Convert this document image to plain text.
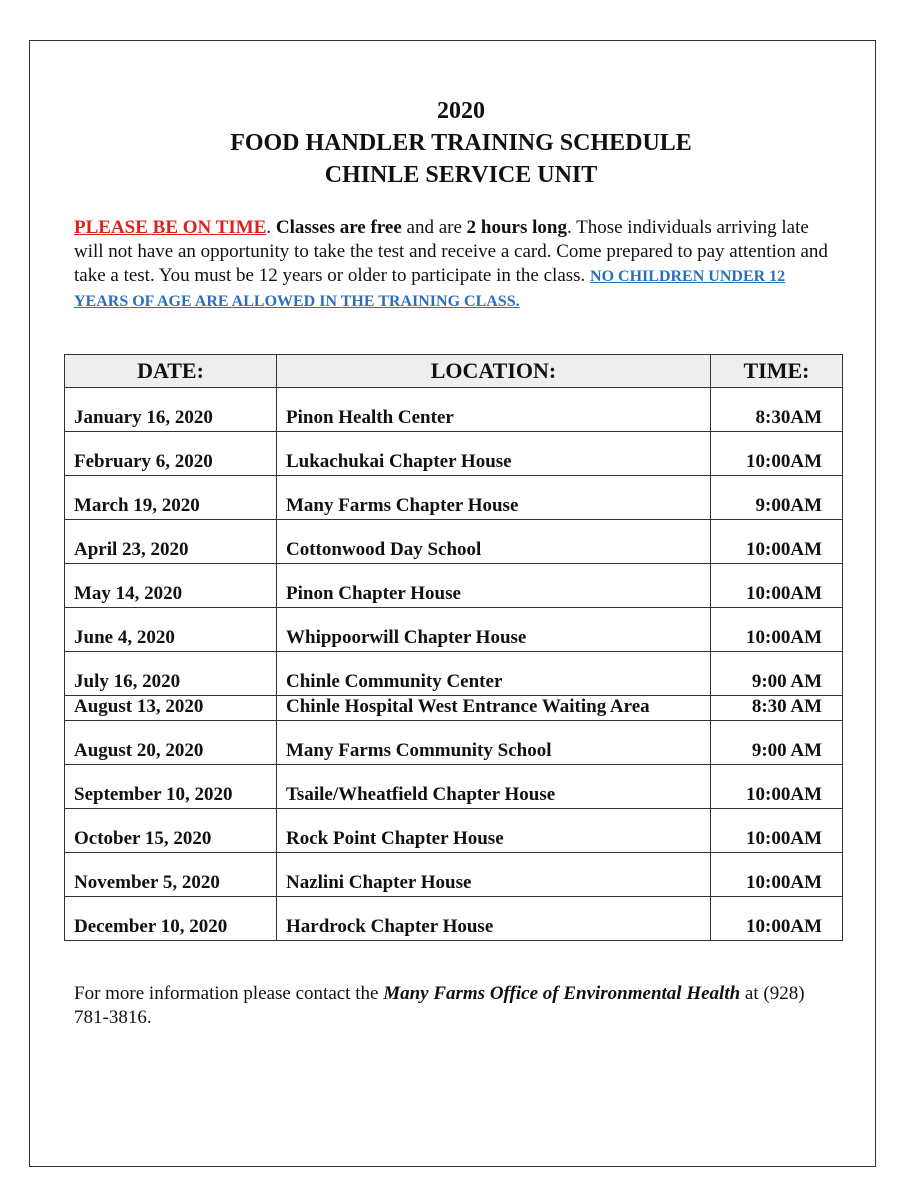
2020
FOOD HANDLER TRAINING SCHEDULE
CHINLE SERVICE UNIT
PLEASE BE ON TIME. Classes are free and are 2 hours long. Those individuals arriving late will not have an opportunity to take the test and receive a card. Come prepared to pay attention and take a test. You must be 12 years or older to participate in the class. NO CHILDREN UNDER 12 YEARS OF AGE ARE ALLOWED IN THE TRAINING CLASS.
DATE:	LOCATION:	TIME:
January 16, 2020	Pinon Health Center	8:30AM
February 6, 2020	Lukachukai Chapter House	10:00AM
March 19, 2020	Many Farms Chapter House	9:00AM
April 23, 2020	Cottonwood Day School	10:00AM
May 14, 2020	Pinon Chapter House	10:00AM
June 4, 2020	Whippoorwill Chapter House	10:00AM
July 16, 2020	Chinle Community Center	9:00 AM
August 13, 2020	Chinle Hospital West Entrance Waiting Area	8:30 AM
August 20, 2020	Many Farms Community School	9:00 AM
September 10, 2020	Tsaile/Wheatfield Chapter House	10:00AM
October 15, 2020	Rock Point Chapter House	10:00AM
November 5, 2020	Nazlini Chapter House	10:00AM
December 10, 2020	Hardrock Chapter House	10:00AM
For more information please contact the Many Farms Office of Environmental Health at (928) 781-3816.
